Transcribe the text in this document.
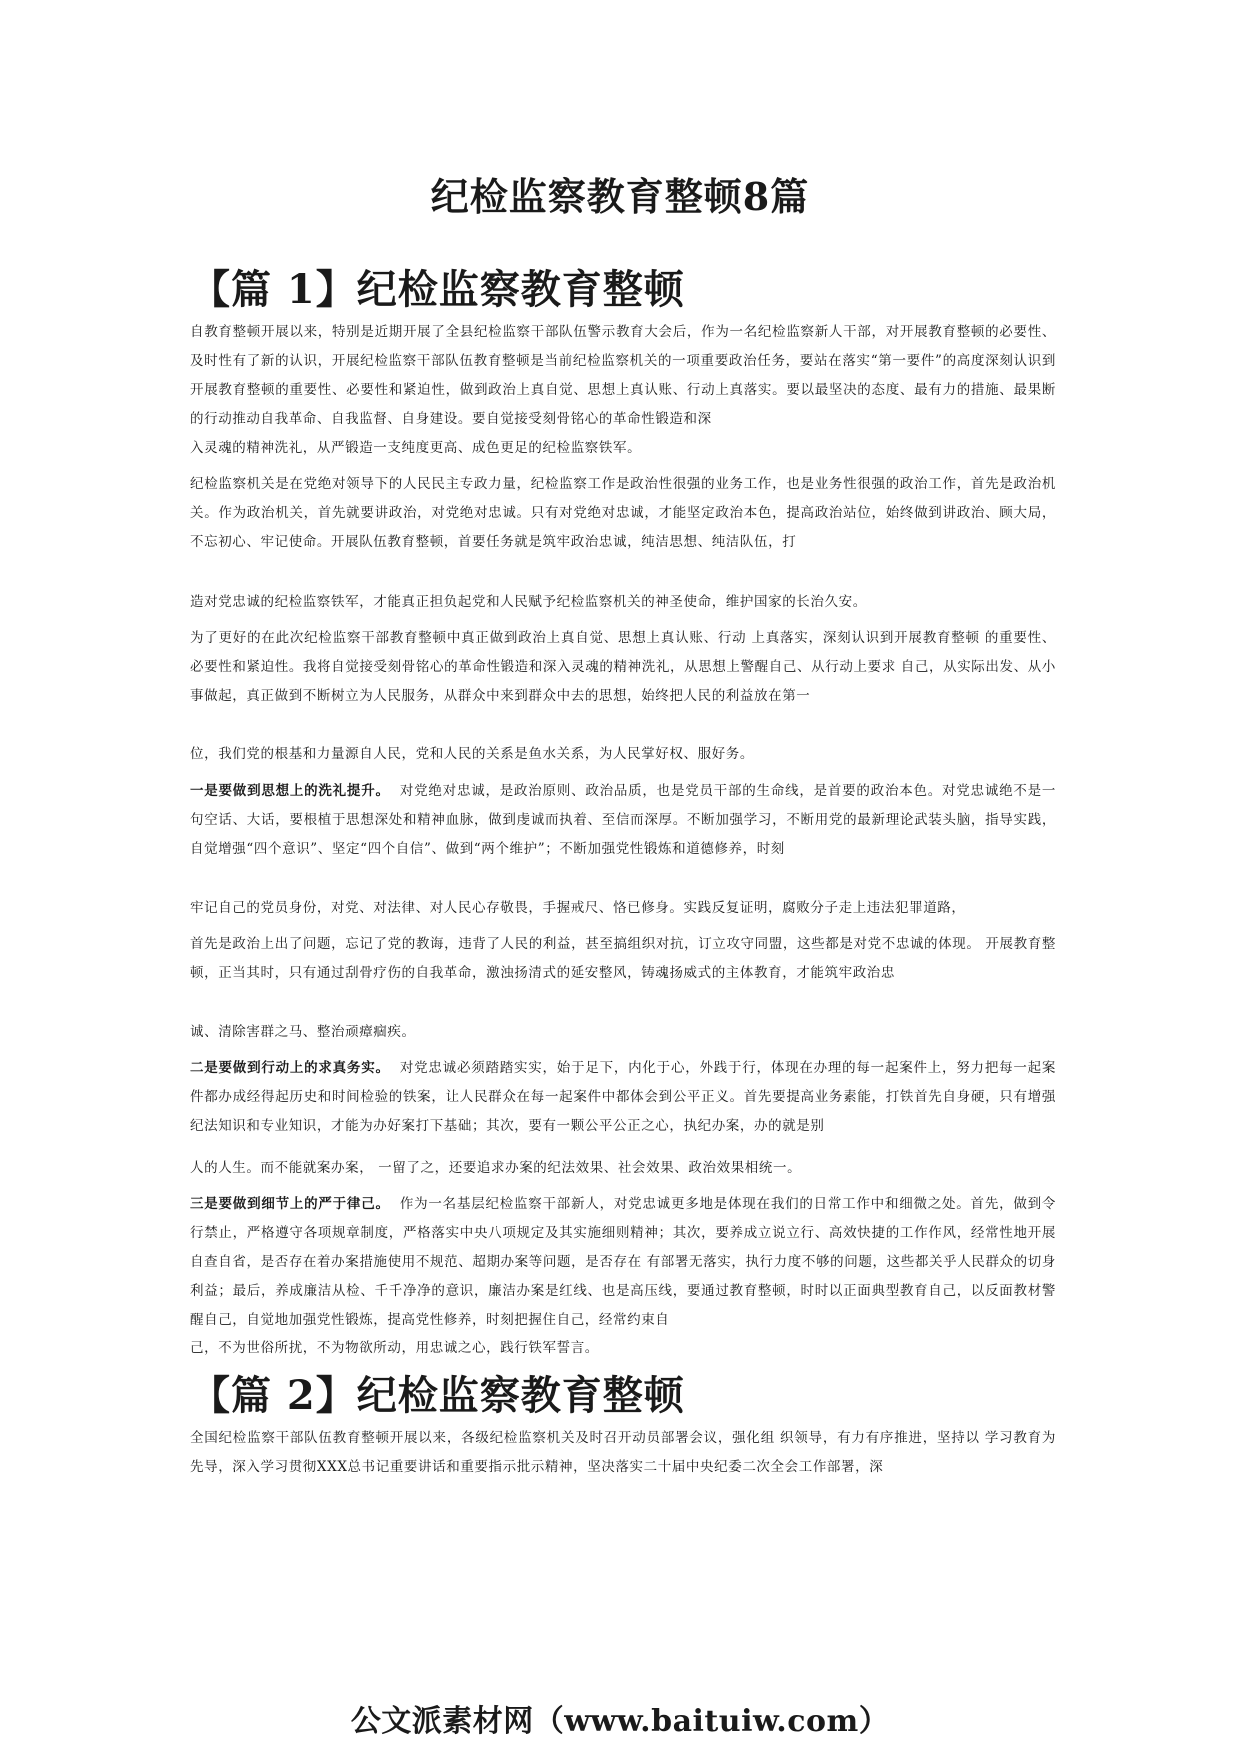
纪检监察教育整顿8篇
【篇 1】纪检监察教育整顿

自教育整顿开展以来，特别是近期开展了全县纪检监察干部队伍警示教育大会后，作为一名纪检监察新人干部，对开展教育整顿的必要性、及时性有了新的认识，开展纪检监察干部队伍教育整顿是当前纪检监察机关的一项重要政治任务，要站在落实“第一要件”的高度深刻认识到开展教育整顿的重要性、必要性和紧迫性，做到政治上真自觉、思想上真认账、行动上真落实。要以最坚决的态度、最有力的措施、最果断的行动推动自我革命、自我监督、自身建设。要自觉接受刻骨铭心的革命性锻造和深

入灵魂的精神洗礼，从严锻造一支纯度更高、成色更足的纪检监察铁军。

纪检监察机关是在党绝对领导下的人民民主专政力量，纪检监察工作是政治性很强的业务工作，也是业务性很强的政治工作，首先是政治机关。作为政治机关，首先就要讲政治，对党绝对忠诚。只有对党绝对忠诚，才能坚定政治本色，提高政治站位，始终做到讲政治、顾大局，不忘初心、牢记使命。开展队伍教育整顿，首要任务就是筑牢政治忠诚，纯洁思想、纯洁队伍，打

造对党忠诚的纪检监察铁军，才能真正担负起党和人民赋予纪检监察机关的神圣使命，维护国家的长治久安。

为了更好的在此次纪检监察干部教育整顿中真正做到政治上真自觉、思想上真认账、行动 上真落实，深刻认识到开展教育整顿 的重要性、必要性和紧迫性。我将自觉接受刻骨铭心的革命性锻造和深入灵魂的精神洗礼，从思想上警醒自己、从行动上要求 自己，从实际出发、从小事做起，真正做到不断树立为人民服务，从群众中来到群众中去的思想，始终把人民的利益放在第一

位，我们党的根基和力量源自人民，党和人民的关系是鱼水关系，为人民掌好权、服好务。

一是要做到思想上的洗礼提升。 对党绝对忠诚，是政治原则、政治品质，也是党员干部的生命线，是首要的政治本色。对党忠诚绝不是一句空话、大话，要根植于思想深处和精神血脉，做到虔诚而执着、至信而深厚。不断加强学习，不断用党的最新理论武装头脑，指导实践，自觉增强“四个意识”、坚定“四个自信”、做到“两个维护”；不断加强党性锻炼和道德修养，时刻

牢记自己的党员身份，对党、对法律、对人民心存敬畏，手握戒尺、恪已修身。实践反复证明，腐败分子走上违法犯罪道路，

首先是政治上出了问题，忘记了党的教诲，违背了人民的利益，甚至搞组织对抗，订立攻守同盟，这些都是对党不忠诚的体现。 开展教育整顿，正当其时，只有通过刮骨疗伤的自我革命，激浊扬清式的延安整风，铸魂扬威式的主体教育，才能筑牢政治忠

诚、清除害群之马、整治顽瘴痼疾。

二是要做到行动上的求真务实。 对党忠诚必须踏踏实实，始于足下，内化于心，外践于行，体现在办理的每一起案件上，努力把每一起案件都办成经得起历史和时间检验的铁案，让人民群众在每一起案件中都体会到公平正义。首先要提高业务素能，打铁首先自身硬，只有增强纪法知识和专业知识，才能为办好案打下基础；其次，要有一颗公平公正之心，执纪办案，办的就是别

人的人生。而不能就案办案， 一留了之，还要追求办案的纪法效果、社会效果、政治效果相统一。

三是要做到细节上的严于律己。 作为一名基层纪检监察干部新人，对党忠诚更多地是体现在我们的日常工作中和细微之处。首先，做到令行禁止，严格遵守各项规章制度，严格落实中央八项规定及其实施细则精神；其次，要养成立说立行、高效快捷的工作作风，经常性地开展自查自省，是否存在着办案措施使用不规范、超期办案等问题，是否存在 有部署无落实，执行力度不够的问题，这些都关乎人民群众的切身利益；最后，养成廉洁从检、千千净净的意识，廉洁办案是红线、也是高压线，要通过教育整顿，时时以正面典型教育自己，以反面教材警醒自己，自觉地加强党性锻炼，提高党性修养，时刻把握住自己，经常约束自

己，不为世俗所扰，不为物欲所动，用忠诚之心，践行铁军誓言。

【篇 2】纪检监察教育整顿

全国纪检监察干部队伍教育整顿开展以来，各级纪检监察机关及时召开动员部署会议，强化组 织领导，有力有序推进，坚持以 学习教育为先导，深入学习贯彻XXX总书记重要讲话和重要指示批示精神，坚决落实二十届中央纪委二次全会工作部署，深

公文派素材网（www.baituiw.com）
